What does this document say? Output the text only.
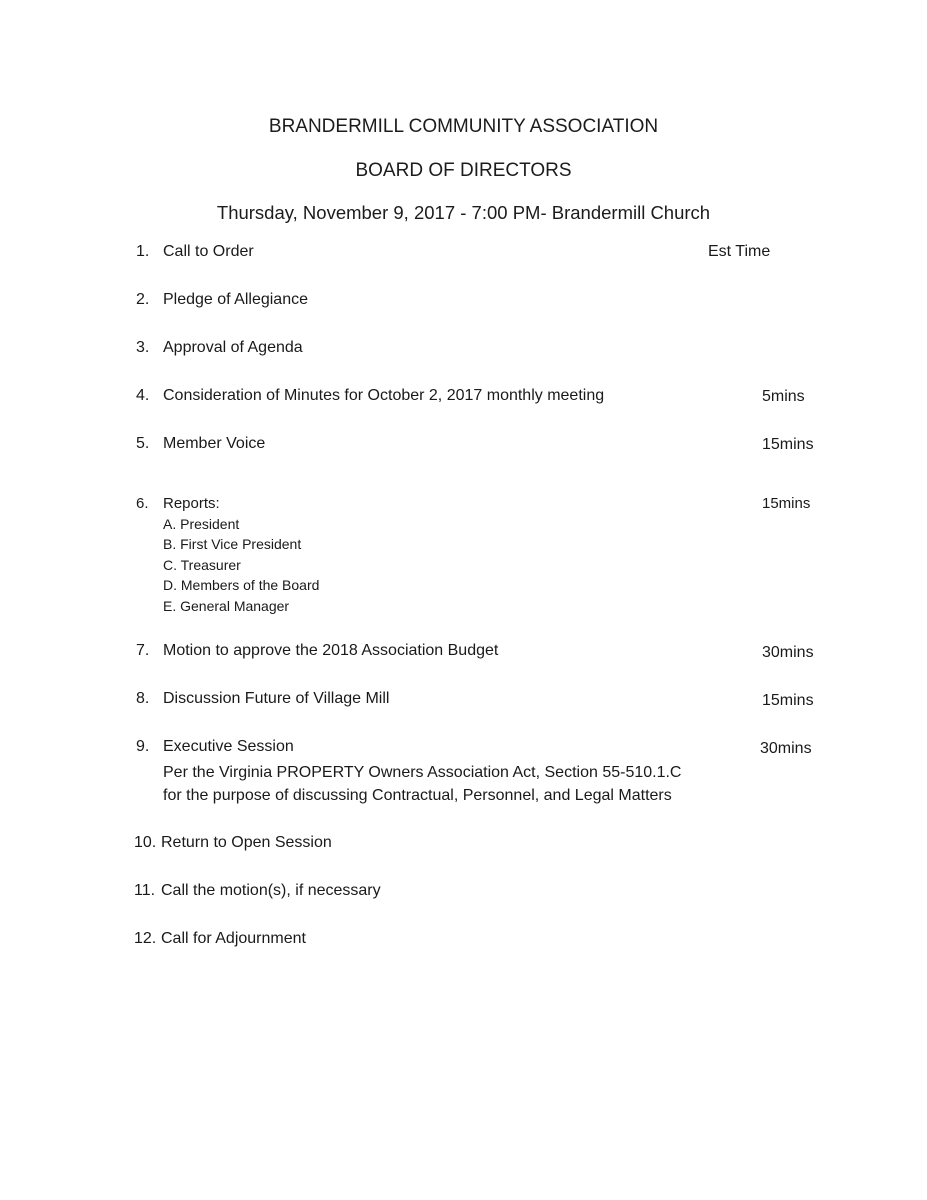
BRANDERMILL COMMUNITY ASSOCIATION
BOARD OF DIRECTORS
Thursday, November 9, 2017 - 7:00 PM- Brandermill Church
Est Time
1. Call to Order
2. Pledge of Allegiance
3. Approval of Agenda
4. Consideration of Minutes for October 2, 2017 monthly meeting	5mins
5. Member Voice	15mins
6. Reports:	15mins
A. President
B. First Vice President
C. Treasurer
D. Members of the Board
E. General Manager
7. Motion to approve the 2018 Association Budget	30mins
8. Discussion Future of Village Mill	15mins
9. Executive Session	30mins
Per the Virginia PROPERTY Owners Association Act, Section 55-510.1.C
for the purpose of discussing Contractual, Personnel, and Legal Matters
10. Return to Open Session
11. Call the motion(s), if necessary
12. Call for Adjournment
